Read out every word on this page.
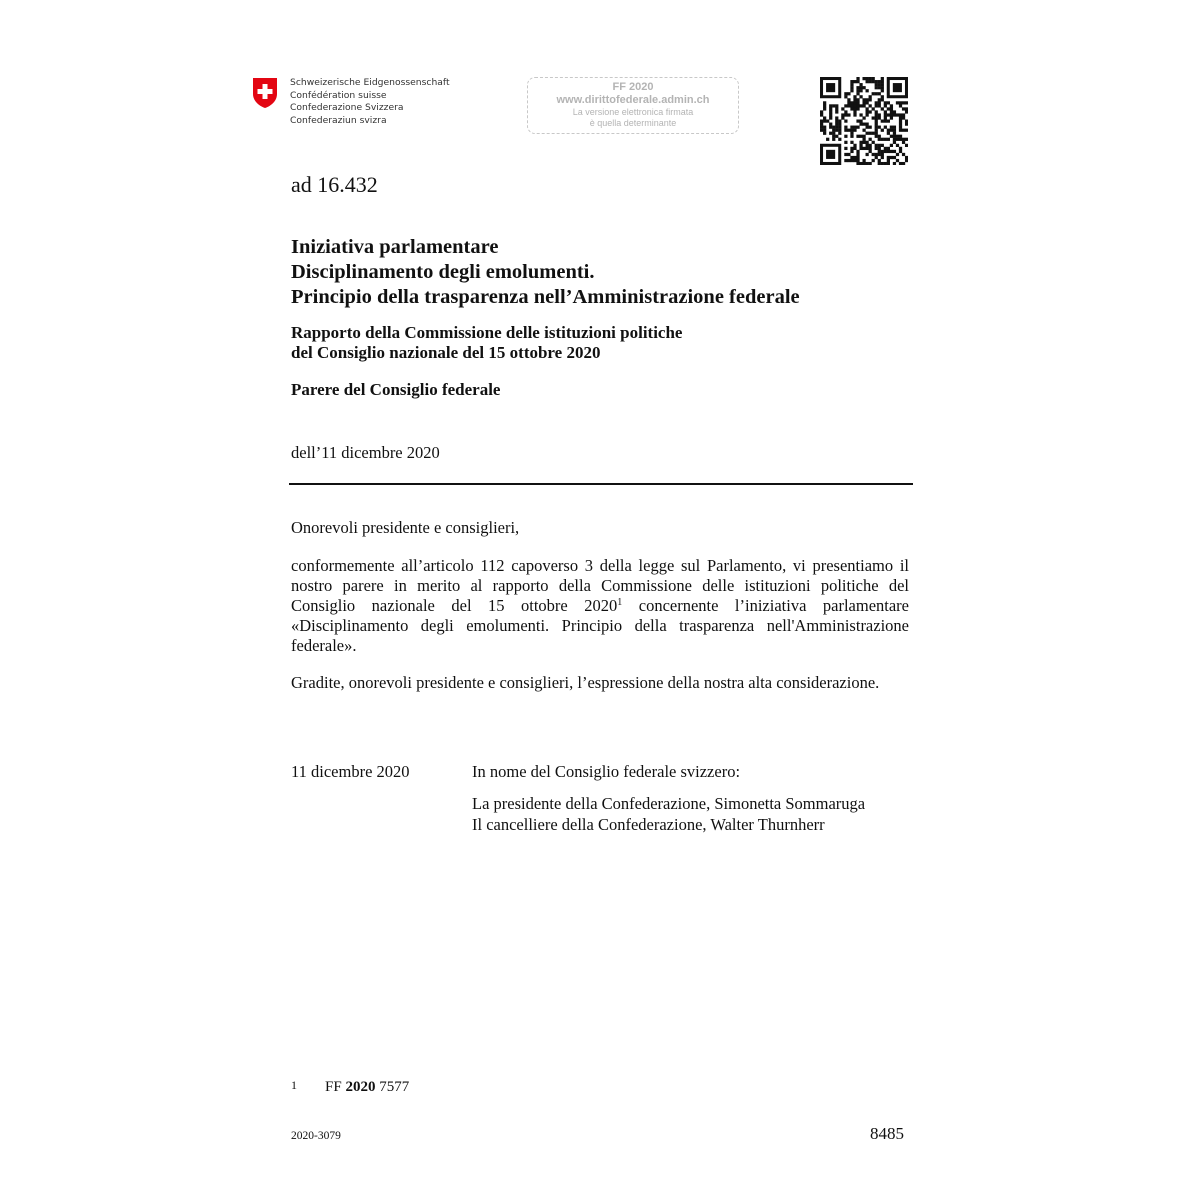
Schweizerische Eidgenossenschaft
Confédération suisse
Confederazione Svizzera
Confederaziun svizra
FF 2020
www.dirittofederale.admin.ch
La versione elettronica firmata
è quella determinante
ad 16.432
Iniziativa parlamentare
Disciplinamento degli emolumenti.
Principio della trasparenza nell’Amministrazione federale
Rapporto della Commissione delle istituzioni politiche
del Consiglio nazionale del 15 ottobre 2020
Parere del Consiglio federale
dell’11 dicembre 2020
Onorevoli presidente e consiglieri,
conformemente all’articolo 112 capoverso 3 della legge sul Parlamento, vi presentiamo il nostro parere in merito al rapporto della Commissione delle istituzioni politiche del Consiglio nazionale del 15 ottobre 2020$^1$ concernente l’iniziativa parlamentare «Disciplinamento degli emolumenti. Principio della trasparenza nell'Amministrazione federale».
Gradite, onorevoli presidente e consiglieri, l’espressione della nostra alta considerazione.
11 dicembre 2020	In nome del Consiglio federale svizzero:
La presidente della Confederazione, Simonetta Sommaruga
Il cancelliere della Confederazione, Walter Thurnherr
1 FF 2020 7577
2020-3079	8485
